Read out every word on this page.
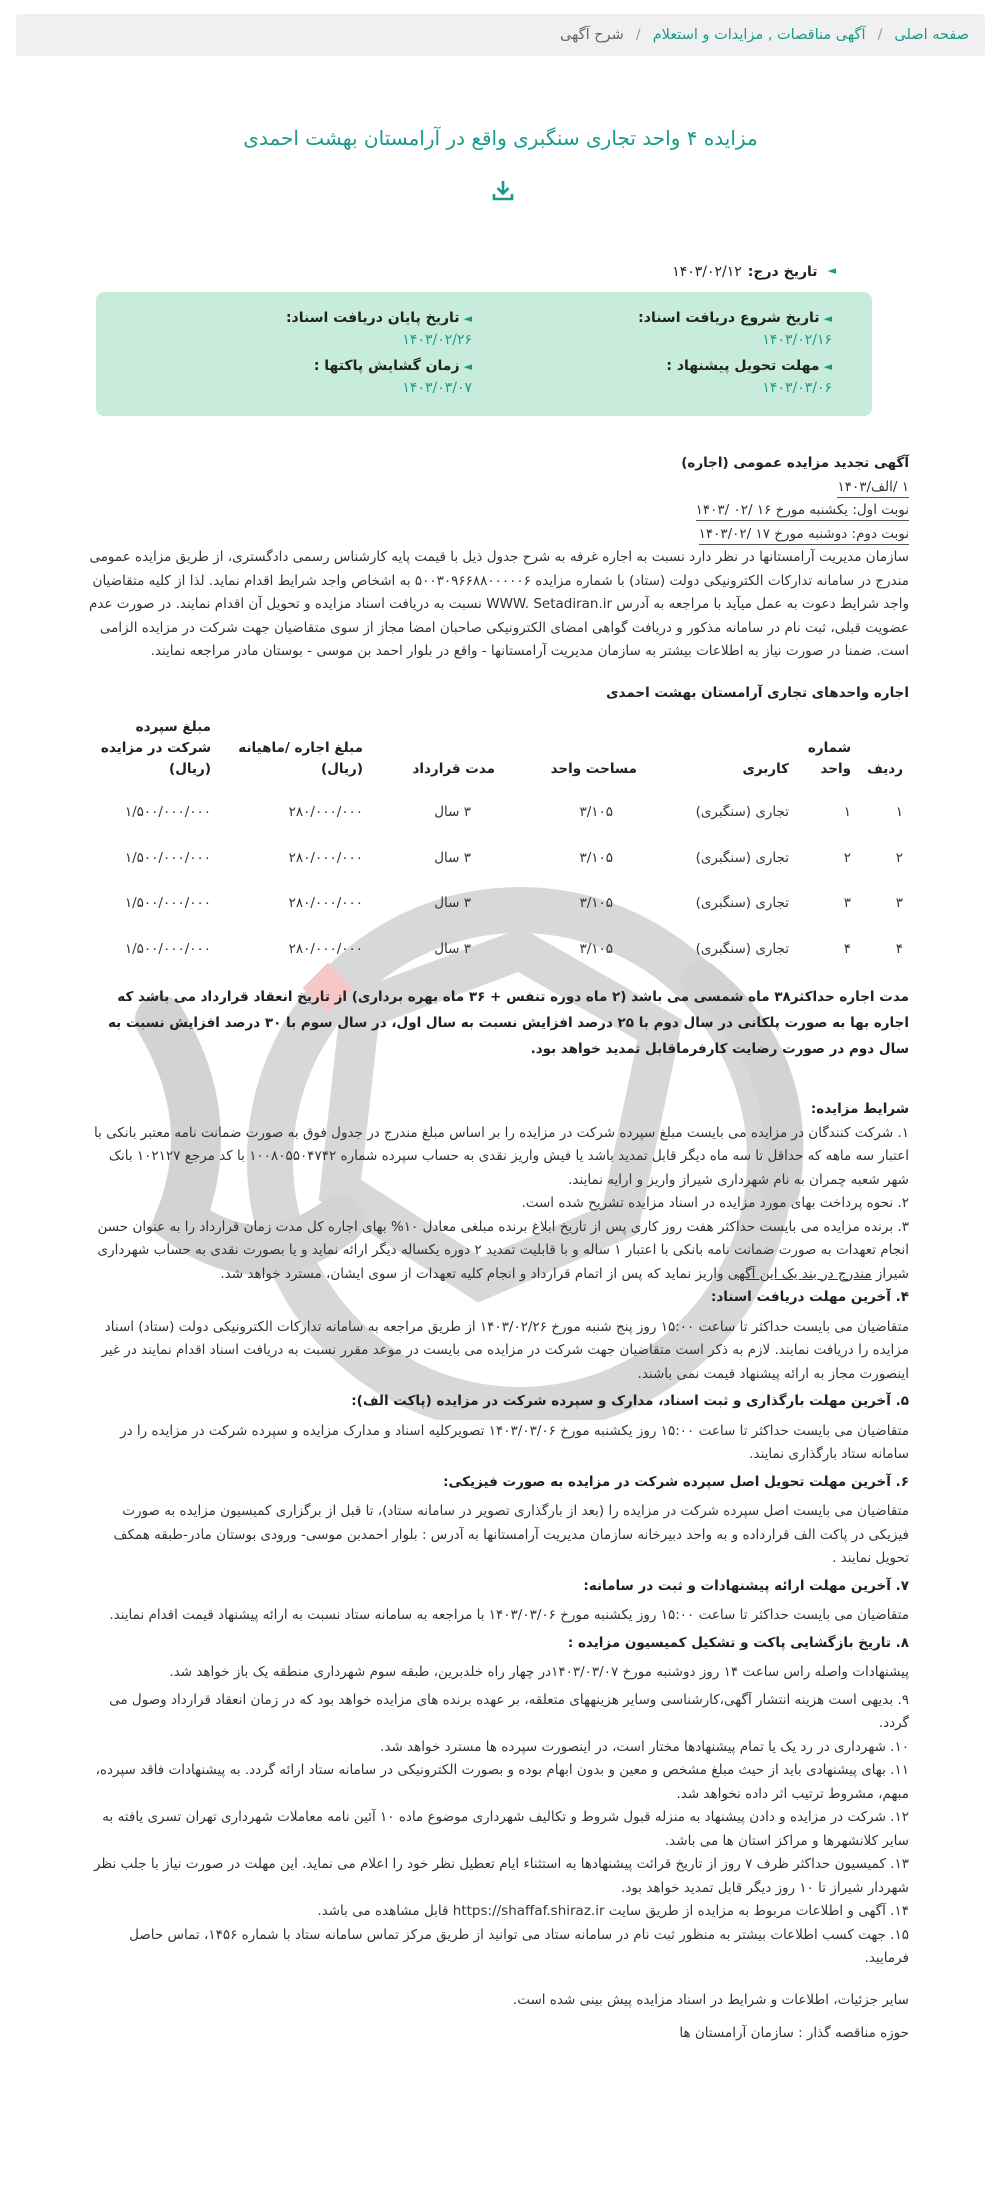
صفحه اصلی
/
آگهی مناقصات , مزایدات و استعلام
/
شرح آگهی
مزایده ۴ واحد تجاری سنگبری واقع در آرامستان بهشت احمدی
◄
تاریخ درج:
۱۴۰۳/۰۲/۱۲
◄تاریخ شروع دریافت اسناد:
۱۴۰۳/۰۲/۱۶
◄تاریخ پایان دریافت اسناد:
۱۴۰۳/۰۲/۲۶
◄مهلت تحویل پیشنهاد :
۱۴۰۳/۰۳/۰۶
◄زمان گشایش پاکتها :
۱۴۰۳/۰۳/۰۷

آگهی تجدید مزایده عمومی (اجاره)

۱ /الف/۱۴۰۳

نوبت اول: یکشنبه مورخ ۱۶ /۰۲ /۱۴۰۳

نوبت دوم: دوشنبه مورخ ۱۷ /۱۴۰۳/۰۲

سازمان مدیریت آرامستانها در نظر دارد نسبت به اجاره غرفه به شرح جدول ذیل با قیمت پایه کارشناس رسمی دادگستری، از طریق مزایده عمومی مندرج در سامانه تدارکات الکترونیکی دولت (ستاد) با شماره مزایده ۵۰۰۳۰۹۶۶۸۸۰۰۰۰۰۶ به اشخاص واجد شرایط اقدام نماید. لذا از کلیه متقاضیان واجد شرایط دعوت به عمل میآید با مراجعه به آدرس WWW. Setadiran.ir نسبت به دریافت اسناد مزایده و تحویل آن اقدام نمایند. در صورت عدم عضویت قبلی، ثبت نام در سامانه مذکور و دریافت گواهی امضای الکترونیکی صاحبان امضا مجاز از سوی متقاضیان جهت شرکت در مزایده الزامی است. ضمنا در صورت نیاز به اطلاعات بیشتر به سازمان مدیریت آرامستانها - واقع در بلوار احمد بن موسی - بوستان مادر مراجعه نمایند.

اجاره واحدهای تجاری آرامستان بهشت احمدی

ردیف	شماره واحد	کاربری	مساحت واحد	مدت قرارداد	مبلغ اجاره /ماهیانه (ریال)	مبلغ سپرده شرکت در مزایده (ریال)
۱	۱	تجاری (سنگبری)	۳/۱۰۵	۳ سال	۲۸۰/۰۰۰/۰۰۰	۱/۵۰۰/۰۰۰/۰۰۰
۲	۲	تجاری (سنگبری)	۳/۱۰۵	۳ سال	۲۸۰/۰۰۰/۰۰۰	۱/۵۰۰/۰۰۰/۰۰۰
۳	۳	تجاری (سنگبری)	۳/۱۰۵	۳ سال	۲۸۰/۰۰۰/۰۰۰	۱/۵۰۰/۰۰۰/۰۰۰
۴	۴	تجاری (سنگبری)	۳/۱۰۵	۳ سال	۲۸۰/۰۰۰/۰۰۰	۱/۵۰۰/۰۰۰/۰۰۰

مدت اجاره حداکثر۳۸ ماه شمسی می باشد (۲ ماه دوره تنفس + ۳۶ ماه بهره برداری) از تاریخ انعقاد قرارداد می باشد که اجاره بها به صورت پلکانی در سال دوم با ۲۵ درصد افزایش نسبت به سال اول، در سال سوم با ۳۰ درصد افزایش نسبت به سال دوم در صورت رضایت کارفرماقابل تمدید خواهد بود.

شرایط مزایده:

۱. شرکت کنندگان در مزایده می بایست مبلغ سپرده شرکت در مزایده را بر اساس مبلغ مندرج در جدول فوق به صورت ضمانت نامه معتبر بانکی با اعتبار سه ماهه که حداقل تا سه ماه دیگر قابل تمدید باشد یا فیش واریز نقدی به حساب سپرده شماره ۱۰۰۸۰۵۵۰۴۷۴۲ با کد مرجع ۱۰۲۱۲۷ بانک شهر شعبه چمران به نام شهرداری شیراز واریز و ارایه نمایند.
۲. نحوه پرداخت بهای مورد مزایده در اسناد مزایده تشریح شده است.
۳. برنده مزایده می بایست حداکثر هفت روز کاری پس از تاریخ ابلاغ برنده مبلغی معادل ۱۰% بهای اجاره کل مدت زمان قرارداد را به عنوان حسن انجام تعهدات به صورت ضمانت نامه بانکی با اعتبار ۱ ساله و با قابلیت تمدید ۲ دوره یکساله دیگر ارائه نماید و یا بصورت نقدی به حساب شهرداری شیراز مندرج در بند یک این آگهی واریز نماید که پس از اتمام قرارداد و انجام کلیه تعهدات از سوی ایشان، مسترد خواهد شد.
۴. آخرین مهلت دریافت اسناد:

متقاضیان می بایست حداکثر تا ساعت ۱۵:۰۰ روز پنج شنبه مورخ ۱۴۰۳/۰۲/۲۶ از طریق مراجعه به سامانه تدارکات الکترونیکی دولت (ستاد) اسناد مزایده را دریافت نمایند. لازم به ذکر است متقاضیان جهت شرکت در مزایده می بایست در موعد مقرر نسبت به دریافت اسناد اقدام نمایند در غیر اینصورت مجاز به ارائه پیشنهاد قیمت نمی باشند.

۵. آخرین مهلت بارگذاری و ثبت اسناد، مدارک و سپرده شرکت در مزایده (پاکت الف):

متقاضیان می بایست حداکثر تا ساعت ۱۵:۰۰ روز یکشنبه مورخ ۱۴۰۳/۰۳/۰۶ تصویرکلیه اسناد و مدارک مزایده و سپرده شرکت در مزایده را در سامانه ستاد بارگذاری نمایند.

۶. آخرین مهلت تحویل اصل سپرده شرکت در مزایده به صورت فیزیکی:

متقاضیان می بایست اصل سپرده شرکت در مزایده را (بعد از بارگذاری تصویر در سامانه ستاد)، تا قبل از برگزاری کمیسیون مزایده به صورت فیزیکی در پاکت الف قرارداده و به واحد دبیرخانه سازمان مدیریت آرامستانها به آدرس : بلوار احمدبن موسی- ورودی بوستان مادر-طبقه همکف تحویل نمایند .

۷. آخرین مهلت ارائه پیشنهادات و ثبت در سامانه:

متقاضیان می بایست حداکثر تا ساعت ۱۵:۰۰ روز یکشنبه مورخ ۱۴۰۳/۰۳/۰۶ با مراجعه به سامانه ستاد نسبت به ارائه پیشنهاد قیمت اقدام نمایند.

۸. تاریخ بازگشایی پاکت و تشکیل کمیسیون مزایده :

پیشنهادات واصله راس ساعت ۱۴ روز دوشنبه مورخ ۱۴۰۳/۰۳/۰۷در چهار راه خلدبرین، طبقه سوم شهرداری منطقه یک باز خواهد شد.

۹. بدیهی است هزینه انتشار آگهی،کارشناسی وسایر هزینههای متعلقه، بر عهده برنده های مزایده خواهد بود که در زمان انعقاد قرارداد وصول می گردد.
۱۰. شهرداری در رد یک یا تمام پیشنهادها مختار است، در اینصورت سپرده ها مسترد خواهد شد.
۱۱. بهای پیشنهادی باید از حیث مبلغ مشخص و معین و بدون ابهام بوده و بصورت الکترونیکی در سامانه ستاد ارائه گردد. به پیشنهادات فاقد سپرده، مبهم، مشروط ترتیب اثر داده نخواهد شد.
۱۲. شرکت در مزایده و دادن پیشنهاد به منزله قبول شروط و تکالیف شهرداری موضوع ماده ۱۰ آئین نامه معاملات شهرداری تهران تسری یافته به سایر کلانشهرها و مراکز استان ها می باشد.
۱۳. کمیسیون حداکثر ظرف ۷ روز از تاریخ قرائت پیشنهادها به استثناء ایام تعطیل نظر خود را اعلام می نماید. این مهلت در صورت نیاز با جلب نظر شهردار شیراز تا ۱۰ روز دیگر قابل تمدید خواهد بود.
۱۴. آگهی و اطلاعات مربوط به مزایده از طریق سایت https://shaffaf.shiraz.ir قابل مشاهده می باشد.
۱۵. جهت کسب اطلاعات بیشتر به منظور ثبت نام در سامانه ستاد می توانید از طریق مرکز تماس سامانه ستاد با شماره ۱۴۵۶، تماس حاصل فرمایید.

سایر جزئیات، اطلاعات و شرایط در اسناد مزایده پیش بینی شده است.

حوزه مناقصه گذار : سازمان آرامستان ها
